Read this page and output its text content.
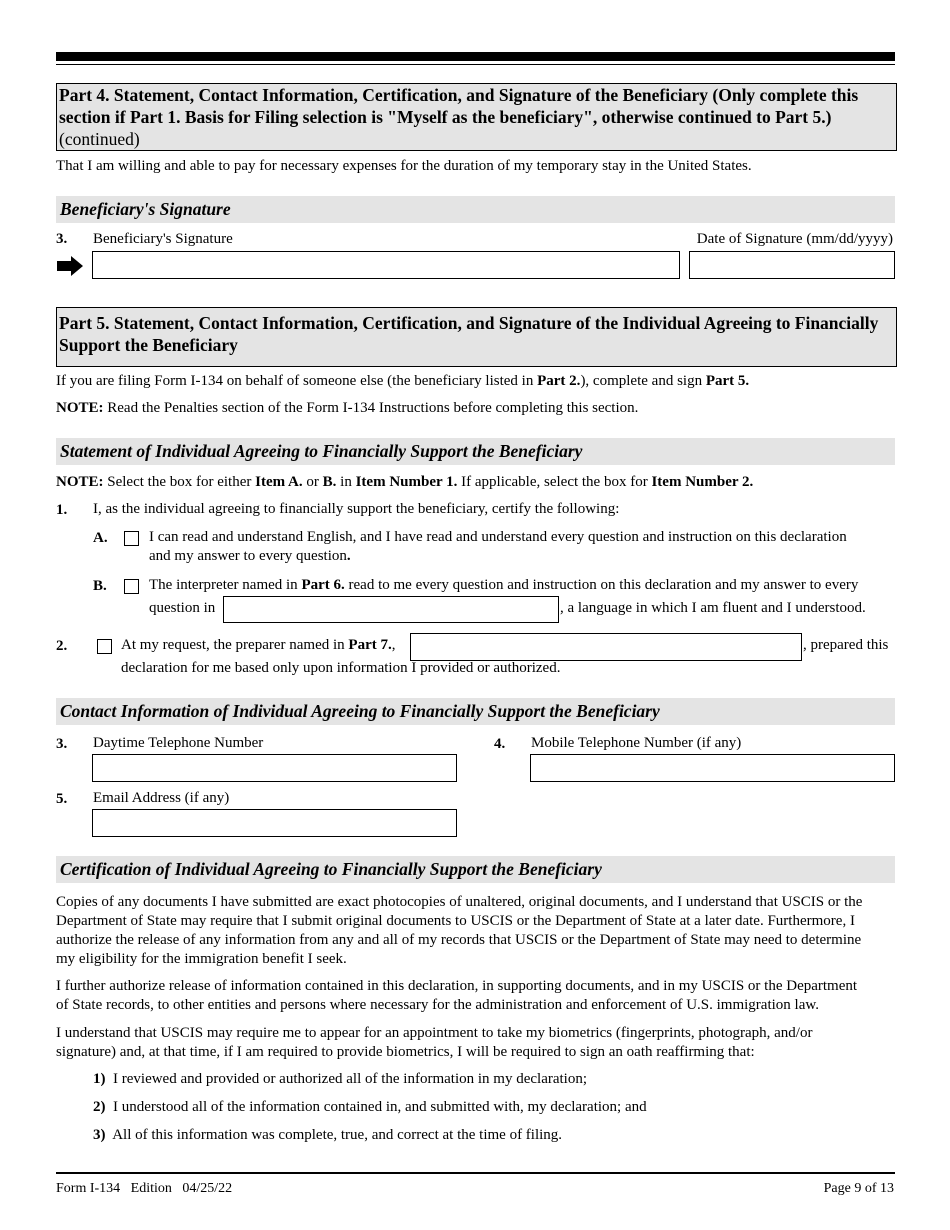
Part 4. Statement, Contact Information, Certification, and Signature of the Beneficiary (Only complete this section if Part 1. Basis for Filing selection is "Myself as the beneficiary", otherwise continued to Part 5.) (continued)
That I am willing and able to pay for necessary expenses for the duration of my temporary stay in the United States.
Beneficiary's Signature
3. Beneficiary's Signature	Date of Signature (mm/dd/yyyy)
Part 5. Statement, Contact Information, Certification, and Signature of the Individual Agreeing to Financially Support the Beneficiary
If you are filing Form I-134 on behalf of someone else (the beneficiary listed in Part 2.), complete and sign Part 5.
NOTE: Read the Penalties section of the Form I-134 Instructions before completing this section.
Statement of Individual Agreeing to Financially Support the Beneficiary
NOTE: Select the box for either Item A. or B. in Item Number 1. If applicable, select the box for Item Number 2.
1. I, as the individual agreeing to financially support the beneficiary, certify the following:
A.	I can read and understand English, and I have read and understand every question and instruction on this declaration
and my answer to every question.
B.	The interpreter named in Part 6. read to me every question and instruction on this declaration and my answer to every
question in	, a language in which I am fluent and I understood.
2.	At my request, the preparer named in Part 7.,	, prepared this
declaration for me based only upon information I provided or authorized.
Contact Information of Individual Agreeing to Financially Support the Beneficiary
3. Daytime Telephone Number	4. Mobile Telephone Number (if any)
5. Email Address (if any)
Certification of Individual Agreeing to Financially Support the Beneficiary
Copies of any documents I have submitted are exact photocopies of unaltered, original documents, and I understand that USCIS or the
Department of State may require that I submit original documents to USCIS or the Department of State at a later date. Furthermore, I
authorize the release of any information from any and all of my records that USCIS or the Department of State may need to determine
my eligibility for the immigration benefit I seek.
I further authorize release of information contained in this declaration, in supporting documents, and in my USCIS or the Department
of State records, to other entities and persons where necessary for the administration and enforcement of U.S. immigration law.
I understand that USCIS may require me to appear for an appointment to take my biometrics (fingerprints, photograph, and/or
signature) and, at that time, if I am required to provide biometrics, I will be required to sign an oath reaffirming that:
1) I reviewed and provided or authorized all of the information in my declaration;
2) I understood all of the information contained in, and submitted with, my declaration; and
3) All of this information was complete, true, and correct at the time of filing.
Form I-134   Edition   04/25/22	Page 9 of 13
